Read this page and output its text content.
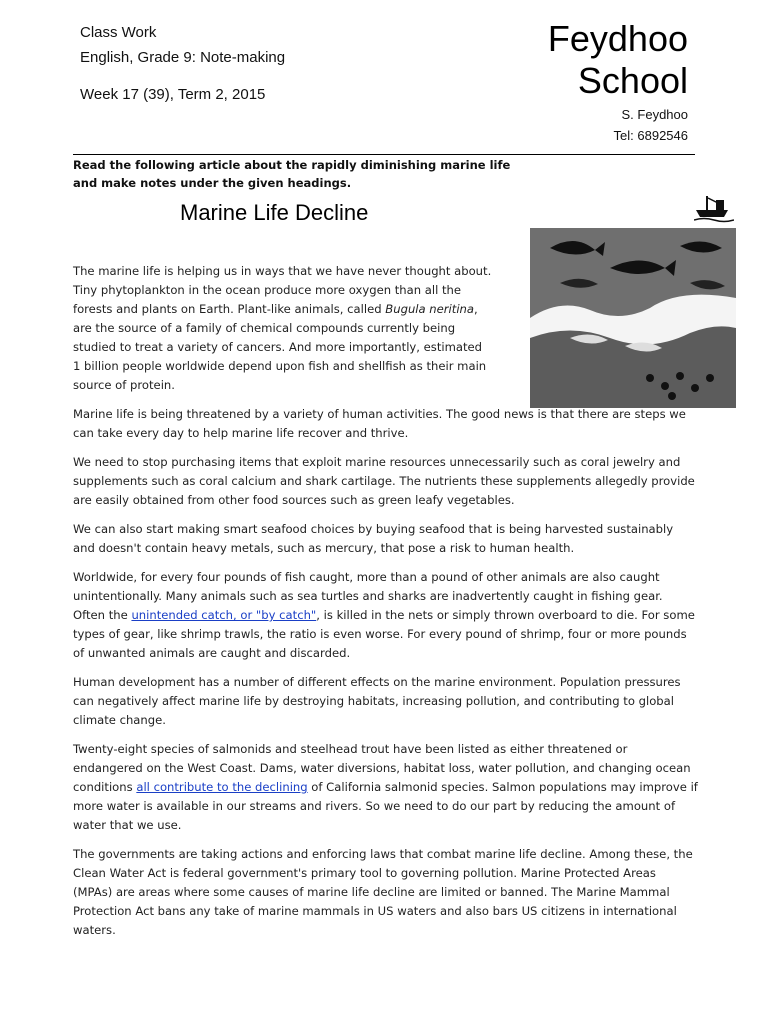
Class Work
English, Grade 9: Note-making
Week 17 (39), Term 2, 2015
Feydhoo
School
S. Feydhoo
Tel: 6892546
Read the following article about the rapidly diminishing marine life and make notes under the given headings.
Marine Life Decline

The marine life is helping us in ways that we have never thought about. Tiny phytoplankton in the ocean produce more oxygen than all the forests and plants on Earth. Plant-like animals, called Bugula neritina, are the source of a family of chemical compounds currently being studied to treat a variety of cancers. And more importantly, estimated 1 billion people worldwide depend upon fish and shellfish as their main source of protein.

Marine life is being threatened by a variety of human activities. The good news is that there are steps we can take every day to help marine life recover and thrive.

We need to stop purchasing items that exploit marine resources unnecessarily such as coral jewelry and supplements such as coral calcium and shark cartilage. The nutrients these supplements allegedly provide are easily obtained from other food sources such as green leafy vegetables.

We can also start making smart seafood choices by buying seafood that is being harvested sustainably and doesn't contain heavy metals, such as mercury, that pose a risk to human health.

Worldwide, for every four pounds of fish caught, more than a pound of other animals are also caught unintentionally. Many animals such as sea turtles and sharks are inadvertently caught in fishing gear. Often the unintended catch, or "by catch", is killed in the nets or simply thrown overboard to die. For some types of gear, like shrimp trawls, the ratio is even worse. For every pound of shrimp, four or more pounds of unwanted animals are caught and discarded.

Human development has a number of different effects on the marine environment. Population pressures can negatively affect marine life by destroying habitats, increasing pollution, and contributing to global climate change.

Twenty-eight species of salmonids and steelhead trout have been listed as either threatened or endangered on the West Coast. Dams, water diversions, habitat loss, water pollution, and changing ocean conditions all contribute to the declining of California salmonid species. Salmon populations may improve if more water is available in our streams and rivers. So we need to do our part by reducing the amount of water that we use.

The governments are taking actions and enforcing laws that combat marine life decline. Among these, the Clean Water Act is federal government's primary tool to governing pollution. Marine Protected Areas (MPAs) are areas where some causes of marine life decline are limited or banned. The Marine Mammal Protection Act bans any take of marine mammals in US waters and also bars US citizens in international waters.
